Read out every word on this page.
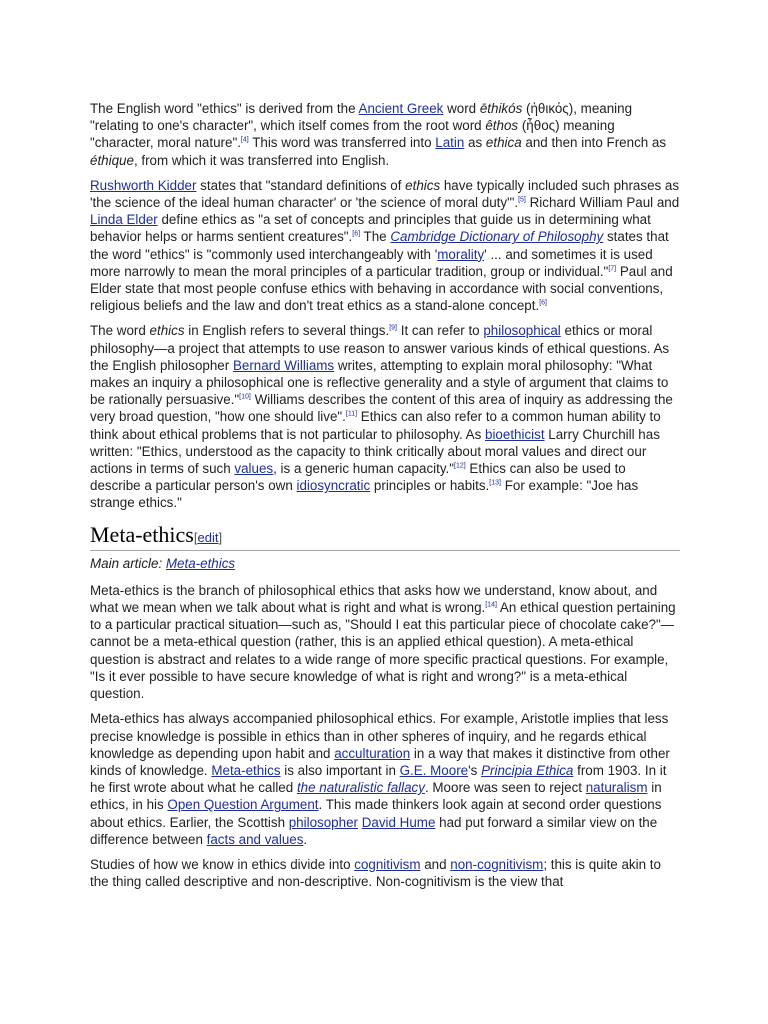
The English word "ethics" is derived from the Ancient Greek word ēthikós (ἠθικός), meaning "relating to one's character", which itself comes from the root word êthos (ἦθος) meaning "character, moral nature".[4] This word was transferred into Latin as ethica and then into French as éthique, from which it was transferred into English.

Rushworth Kidder states that "standard definitions of ethics have typically included such phrases as 'the science of the ideal human character' or 'the science of moral duty'".[5] Richard William Paul and Linda Elder define ethics as "a set of concepts and principles that guide us in determining what behavior helps or harms sentient creatures".[6] The Cambridge Dictionary of Philosophy states that the word "ethics" is "commonly used interchangeably with 'morality' ... and sometimes it is used more narrowly to mean the moral principles of a particular tradition, group or individual."[7] Paul and Elder state that most people confuse ethics with behaving in accordance with social conventions, religious beliefs and the law and don't treat ethics as a stand-alone concept.[6]

The word ethics in English refers to several things.[9] It can refer to philosophical ethics or moral philosophy—a project that attempts to use reason to answer various kinds of ethical questions. As the English philosopher Bernard Williams writes, attempting to explain moral philosophy: "What makes an inquiry a philosophical one is reflective generality and a style of argument that claims to be rationally persuasive."[10] Williams describes the content of this area of inquiry as addressing the very broad question, "how one should live".[11] Ethics can also refer to a common human ability to think about ethical problems that is not particular to philosophy. As bioethicist Larry Churchill has written: "Ethics, understood as the capacity to think critically about moral values and direct our actions in terms of such values, is a generic human capacity."[12] Ethics can also be used to describe a particular person's own idiosyncratic principles or habits.[13] For example: "Joe has strange ethics."

Meta-ethics[edit]
Main article: Meta-ethics

Meta-ethics is the branch of philosophical ethics that asks how we understand, know about, and what we mean when we talk about what is right and what is wrong.[14] An ethical question pertaining to a particular practical situation—such as, "Should I eat this particular piece of chocolate cake?"—cannot be a meta-ethical question (rather, this is an applied ethical question). A meta-ethical question is abstract and relates to a wide range of more specific practical questions. For example, "Is it ever possible to have secure knowledge of what is right and wrong?" is a meta-ethical question.

Meta-ethics has always accompanied philosophical ethics. For example, Aristotle implies that less precise knowledge is possible in ethics than in other spheres of inquiry, and he regards ethical knowledge as depending upon habit and acculturation in a way that makes it distinctive from other kinds of knowledge. Meta-ethics is also important in G.E. Moore's Principia Ethica from 1903. In it he first wrote about what he called the naturalistic fallacy. Moore was seen to reject naturalism in ethics, in his Open Question Argument. This made thinkers look again at second order questions about ethics. Earlier, the Scottish philosopher David Hume had put forward a similar view on the difference between facts and values.

Studies of how we know in ethics divide into cognitivism and non-cognitivism; this is quite akin to the thing called descriptive and non-descriptive. Non-cognitivism is the view that
